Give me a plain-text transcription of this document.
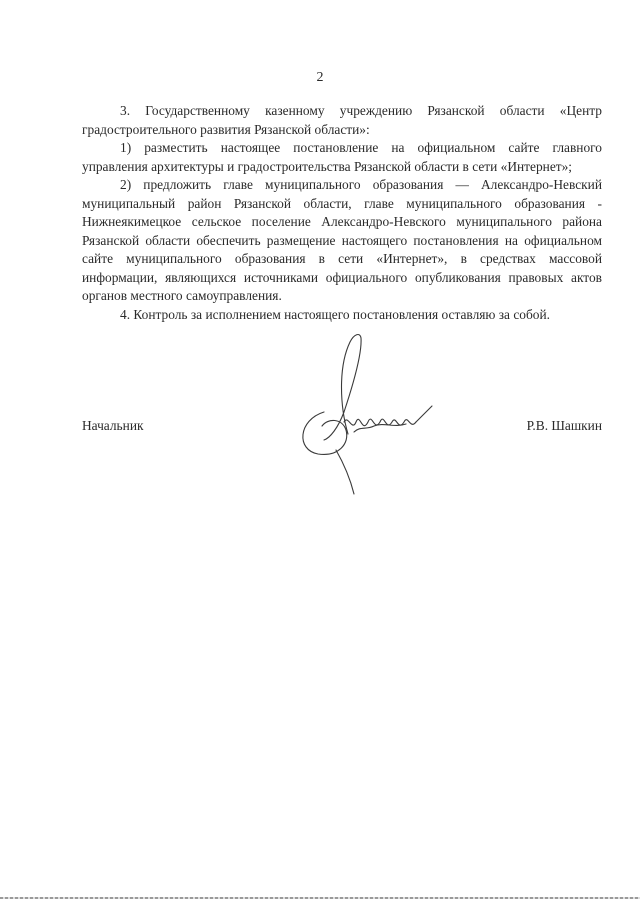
2

3. Государственному казенному учреждению Рязанской области «Центр градостроительного развития Рязанской области»:

1) разместить настоящее постановление на официальном сайте главного управления архитектуры и градостроительства Рязанской области в сети «Интернет»;

2) предложить главе муниципального образования — Александро-Невский муниципальный район Рязанской области, главе муниципального образования - Нижнеякимецкое сельское поселение Александро-Невского муниципального района Рязанской области обеспечить размещение настоящего постановления на официальном сайте муниципального образования в сети «Интернет», в средствах массовой информации, являющихся источниками официального опубликования правовых актов органов местного самоуправления.

4. Контроль за исполнением настоящего постановления оставляю за собой.

Начальник	Р.В. Шашкин
